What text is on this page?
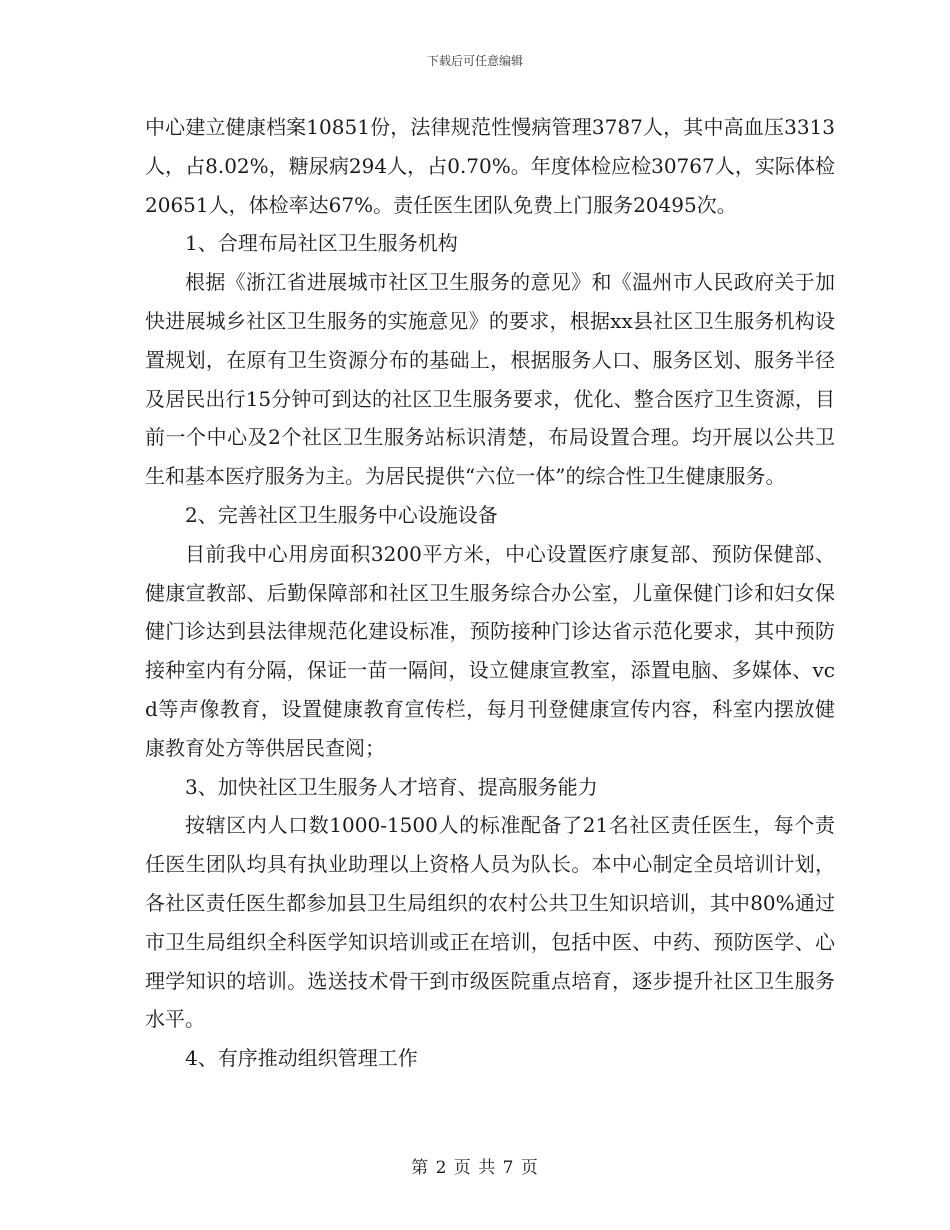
下载后可任意编辑

中心建立健康档案10851份，法律规范性慢病管理3787人，其中高血压3313人，占8.02%，糖尿病294人，占0.70%。年度体检应检30767人，实际体检20651人，体检率达67%。责任医生团队免费上门服务20495次。

1、合理布局社区卫生服务机构

根据《浙江省进展城市社区卫生服务的意见》和《温州市人民政府关于加快进展城乡社区卫生服务的实施意见》的要求，根据xx县社区卫生服务机构设置规划，在原有卫生资源分布的基础上，根据服务人口、服务区划、服务半径及居民出行15分钟可到达的社区卫生服务要求，优化、整合医疗卫生资源，目前一个中心及2个社区卫生服务站标识清楚，布局设置合理。均开展以公共卫生和基本医疗服务为主。为居民提供“六位一体”的综合性卫生健康服务。

2、完善社区卫生服务中心设施设备

目前我中心用房面积3200平方米，中心设置医疗康复部、预防保健部、健康宣教部、后勤保障部和社区卫生服务综合办公室，儿童保健门诊和妇女保健门诊达到县法律规范化建设标准，预防接种门诊达省示范化要求，其中预防接种室内有分隔，保证一苗一隔间，设立健康宣教室，添置电脑、多媒体、vcd等声像教育，设置健康教育宣传栏，每月刊登健康宣传内容，科室内摆放健康教育处方等供居民查阅；

3、加快社区卫生服务人才培育、提高服务能力

按辖区内人口数1000-1500人的标准配备了21名社区责任医生，每个责任医生团队均具有执业助理以上资格人员为队长。本中心制定全员培训计划，各社区责任医生都参加县卫生局组织的农村公共卫生知识培训，其中80%通过市卫生局组织全科医学知识培训或正在培训，包括中医、中药、预防医学、心理学知识的培训。选送技术骨干到市级医院重点培育，逐步提升社区卫生服务水平。

4、有序推动组织管理工作

第 2 页 共 7 页
